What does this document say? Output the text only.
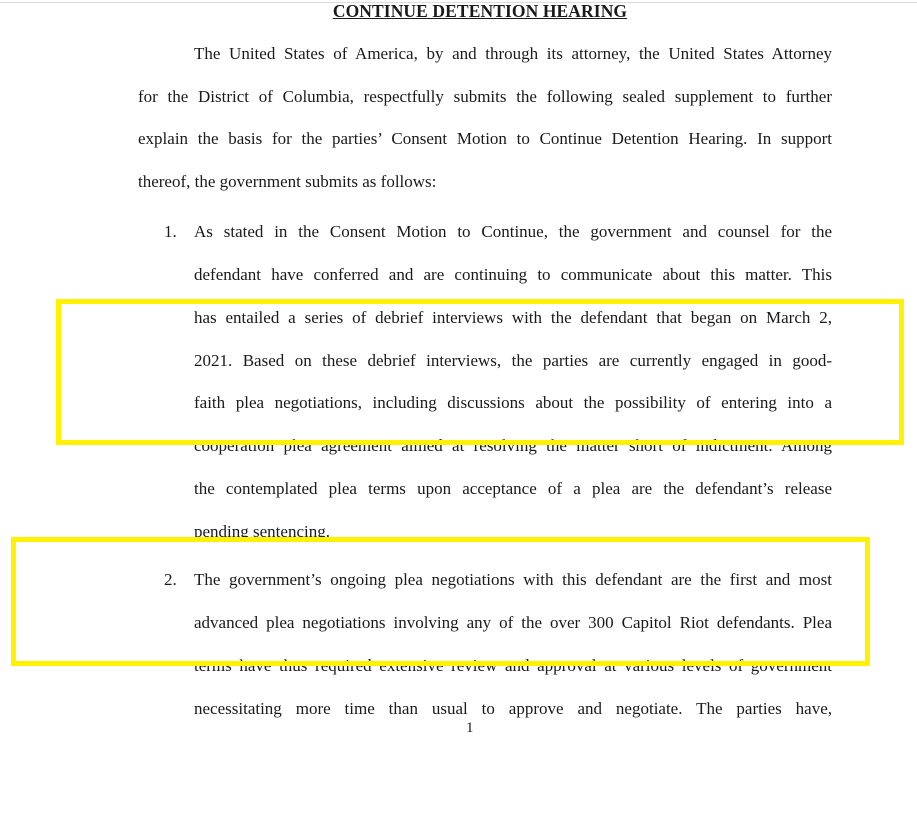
CONTINUE DETENTION HEARING
The United States of America, by and through its attorney, the United States Attorney
for the District of Columbia, respectfully submits the following sealed supplement to further
explain the basis for the parties’ Consent Motion to Continue Detention Hearing. In support
thereof, the government submits as follows:
1. As stated in the Consent Motion to Continue, the government and counsel for the
defendant have conferred and are continuing to communicate about this matter. This
has entailed a series of debrief interviews with the defendant that began on March 2,
2021. Based on these debrief interviews, the parties are currently engaged in good-
faith plea negotiations, including discussions about the possibility of entering into a
cooperation plea agreement aimed at resolving the matter short of indictment. Among
the contemplated plea terms upon acceptance of a plea are the defendant’s release
pending sentencing.
2. The government’s ongoing plea negotiations with this defendant are the first and most
advanced plea negotiations involving any of the over 300 Capitol Riot defendants. Plea
terms have thus required extensive review and approval at various levels of government
necessitating more time than usual to approve and negotiate. The parties have,
1
